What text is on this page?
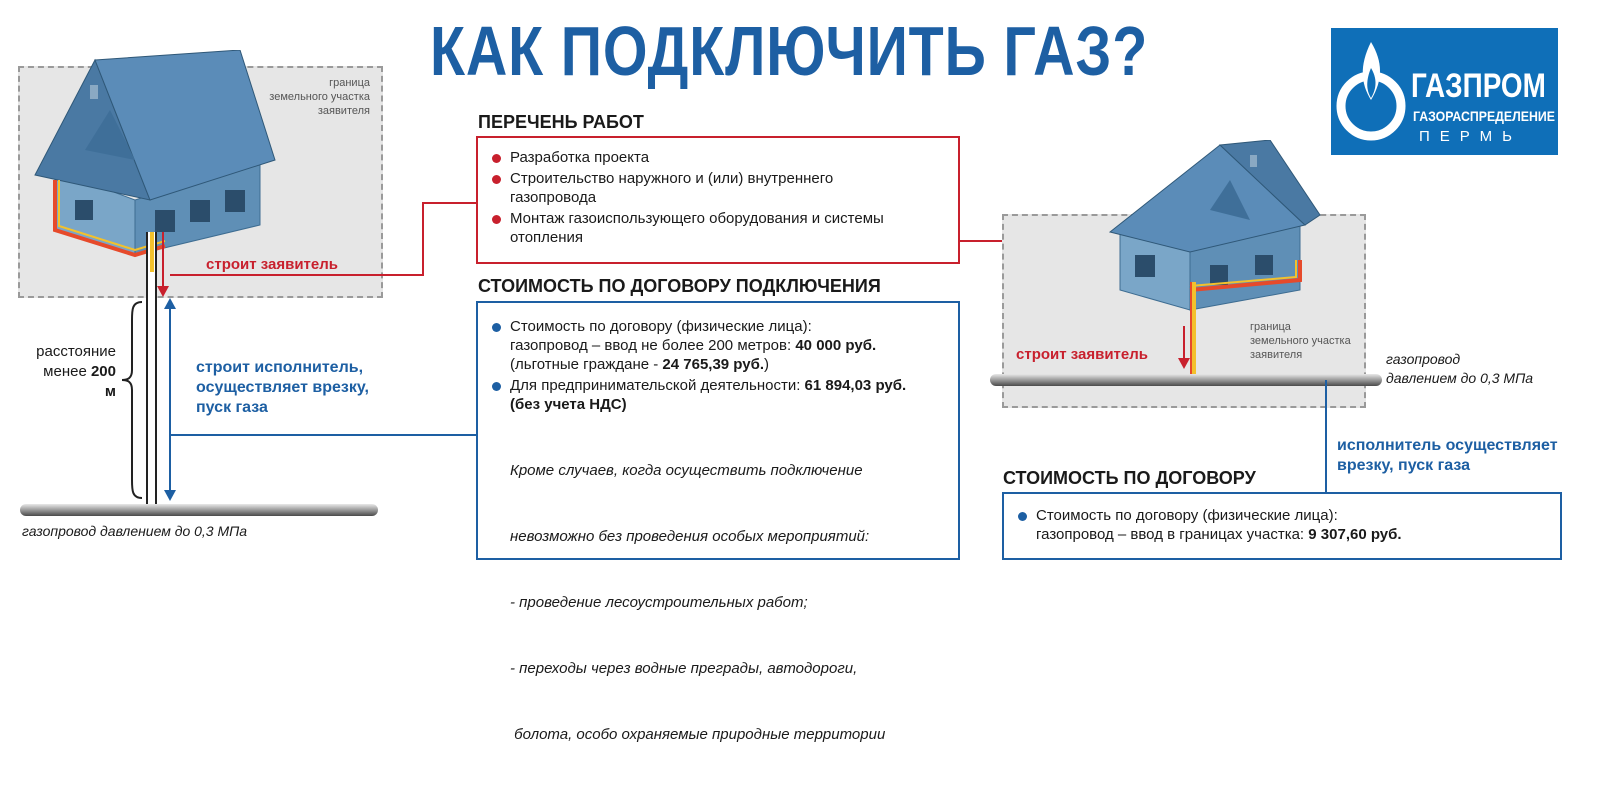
КАК ПОДКЛЮЧИТЬ ГАЗ?	ГАЗПРОМ
ГАЗОРАСПРЕДЕЛЕНИЕ
ПЕРМЬ
граница
земельного участка
заявителя
строит заявитель
расстояние
менее 200 м
строит исполнитель,
осуществляет врезку,
пуск газа
газопровод давлением до 0,3 МПа
ПЕРЕЧЕНЬ РАБОТ
Разработка проекта
Строительство наружного и (или) внутреннего
газопровода
Монтаж газоиспользующего оборудования и системы
отопления
СТОИМОСТЬ ПО ДОГОВОРУ ПОДКЛЮЧЕНИЯ
Стоимость по договору (физические лица):
газопровод – ввод не более 200 метров: 40 000 руб.
(льготные граждане - 24 765,39 руб.)
Для предпринимательской деятельности: 61 894,03 руб.
(без учета НДС)

Кроме случаев, когда осуществить подключение

невозможно без проведения особых мероприятий:

- проведение лесоустроительных работ;

- переходы через водные преграды, автодороги,

болота, особо охраняемые природные территории

граница
земельного участка
заявителя
строит заявитель	газопровод
давлением до 0,3 МПа
исполнитель осуществляет
врезку, пуск газа
СТОИМОСТЬ ПО ДОГОВОРУ
Стоимость по договору (физические лица):
газопровод – ввод в границах участка: 9 307,60 руб.
